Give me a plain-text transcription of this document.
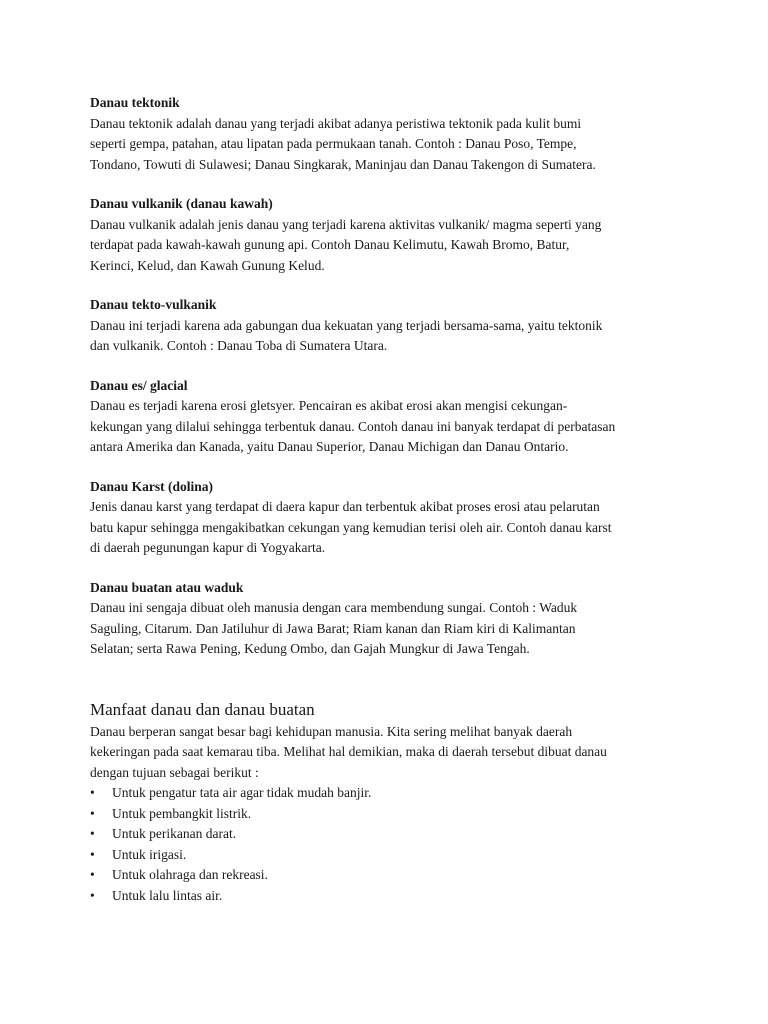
Danau tektonik

Danau tektonik adalah danau yang terjadi akibat adanya peristiwa tektonik pada kulit bumi
seperti gempa, patahan, atau lipatan pada permukaan tanah. Contoh : Danau Poso, Tempe,
Tondano, Towuti di Sulawesi; Danau Singkarak, Maninjau dan Danau Takengon di Sumatera.

Danau vulkanik (danau kawah)

Danau vulkanik adalah jenis danau yang terjadi karena aktivitas vulkanik/ magma seperti yang
terdapat pada kawah-kawah gunung api. Contoh Danau Kelimutu, Kawah Bromo, Batur,
Kerinci, Kelud, dan Kawah Gunung Kelud.

Danau tekto-vulkanik

Danau ini terjadi karena ada gabungan dua kekuatan yang terjadi bersama-sama, yaitu tektonik
dan vulkanik. Contoh : Danau Toba di Sumatera Utara.

Danau es/ glacial

Danau es terjadi karena erosi gletsyer. Pencairan es akibat erosi akan mengisi cekungan-
kekungan yang dilalui sehingga terbentuk danau. Contoh danau ini banyak terdapat di perbatasan
antara Amerika dan Kanada, yaitu Danau Superior, Danau Michigan dan Danau Ontario.

Danau Karst (dolina)

Jenis danau karst yang terdapat di daera kapur dan terbentuk akibat proses erosi atau pelarutan
batu kapur sehingga mengakibatkan cekungan yang kemudian terisi oleh air. Contoh danau karst
di daerah pegunungan kapur di Yogyakarta.

Danau buatan atau waduk

Danau ini sengaja dibuat oleh manusia dengan cara membendung sungai. Contoh : Waduk
Saguling, Citarum. Dan Jatiluhur di Jawa Barat; Riam kanan dan Riam kiri di Kalimantan
Selatan; serta Rawa Pening, Kedung Ombo, dan Gajah Mungkur di Jawa Tengah.

Manfaat danau dan danau buatan

Danau berperan sangat besar bagi kehidupan manusia. Kita sering melihat banyak daerah
kekeringan pada saat kemarau tiba. Melihat hal demikian, maka di daerah tersebut dibuat danau
dengan tujuan sebagai berikut :

• Untuk pengatur tata air agar tidak mudah banjir.
• Untuk pembangkit listrik.
• Untuk perikanan darat.
• Untuk irigasi.
• Untuk olahraga dan rekreasi.
• Untuk lalu lintas air.
